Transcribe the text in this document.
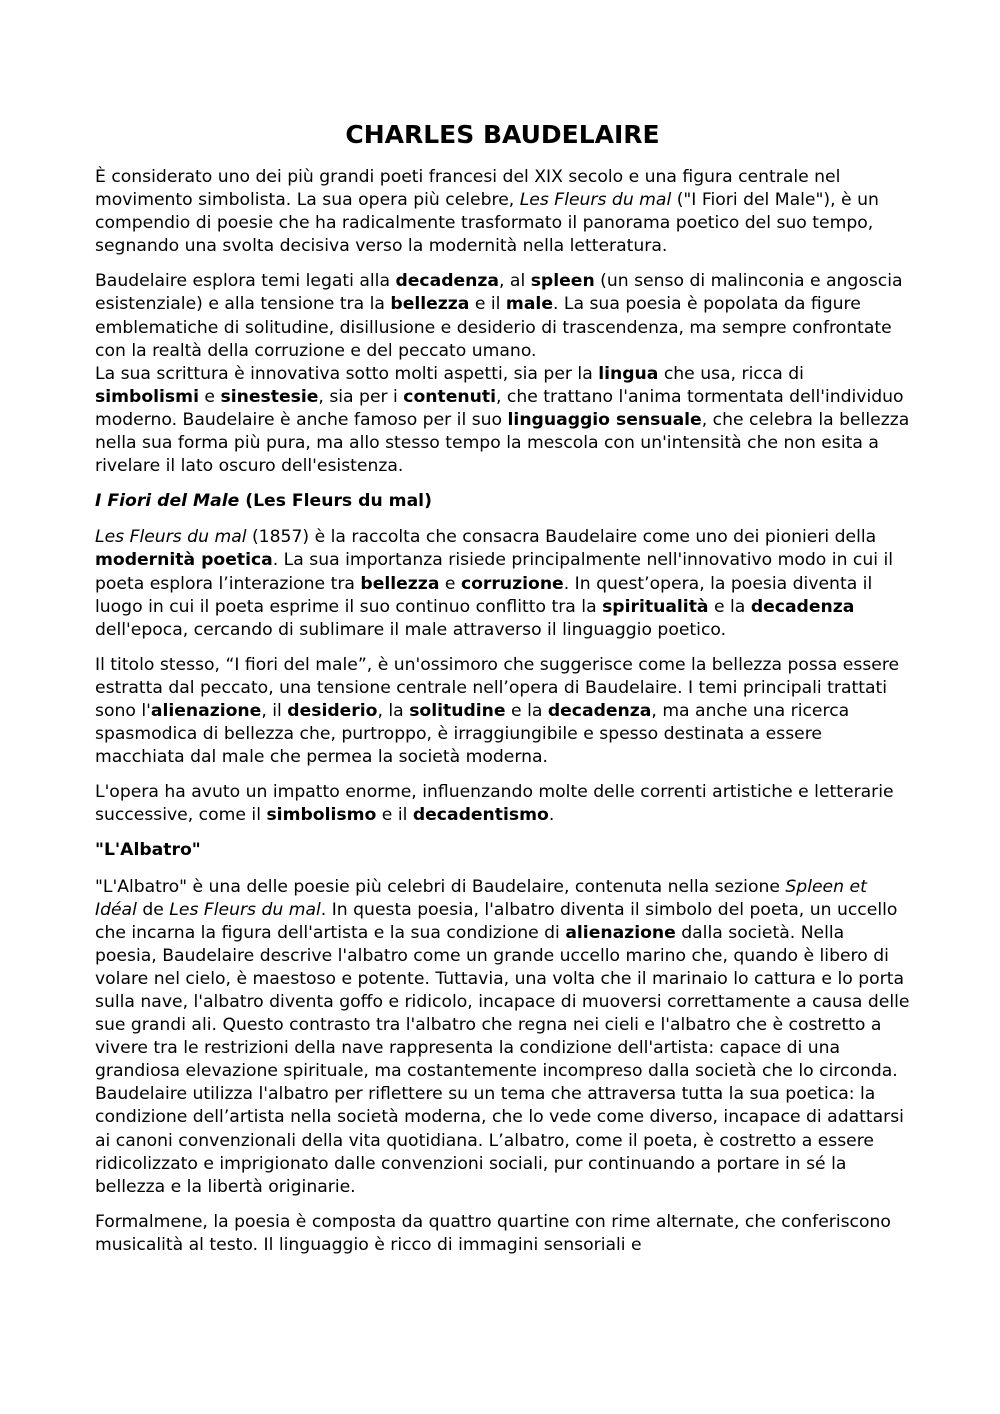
CHARLES BAUDELAIRE

È considerato uno dei più grandi poeti francesi del XIX secolo e una figura centrale nel movimento simbolista. La sua opera più celebre, Les Fleurs du mal ("I Fiori del Male"), è un compendio di poesie che ha radicalmente trasformato il panorama poetico del suo tempo, segnando una svolta decisiva verso la modernità nella letteratura.

Baudelaire esplora temi legati alla decadenza, al spleen (un senso di malinconia e angoscia esistenziale) e alla tensione tra la bellezza e il male. La sua poesia è popolata da figure emblematiche di solitudine, disillusione e desiderio di trascendenza, ma sempre confrontate con la realtà della corruzione e del peccato umano.

La sua scrittura è innovativa sotto molti aspetti, sia per la lingua che usa, ricca di simbolismi e sinestesie, sia per i contenuti, che trattano l'anima tormentata dell'individuo moderno. Baudelaire è anche famoso per il suo linguaggio sensuale, che celebra la bellezza nella sua forma più pura, ma allo stesso tempo la mescola con un'intensità che non esita a rivelare il lato oscuro dell'esistenza.

I Fiori del Male (Les Fleurs du mal)

Les Fleurs du mal (1857) è la raccolta che consacra Baudelaire come uno dei pionieri della modernità poetica. La sua importanza risiede principalmente nell'innovativo modo in cui il poeta esplora l’interazione tra bellezza e corruzione. In quest’opera, la poesia diventa il luogo in cui il poeta esprime il suo continuo conflitto tra la spiritualità e la decadenza dell'epoca, cercando di sublimare il male attraverso il linguaggio poetico.

Il titolo stesso, “I fiori del male”, è un'ossimoro che suggerisce come la bellezza possa essere estratta dal peccato, una tensione centrale nell’opera di Baudelaire. I temi principali trattati sono l'alienazione, il desiderio, la solitudine e la decadenza, ma anche una ricerca spasmodica di bellezza che, purtroppo, è irraggiungibile e spesso destinata a essere macchiata dal male che permea la società moderna.

L'opera ha avuto un impatto enorme, influenzando molte delle correnti artistiche e letterarie successive, come il simbolismo e il decadentismo.

"L'Albatro"

"L'Albatro" è una delle poesie più celebri di Baudelaire, contenuta nella sezione Spleen et Idéal de Les Fleurs du mal. In questa poesia, l'albatro diventa il simbolo del poeta, un uccello che incarna la figura dell'artista e la sua condizione di alienazione dalla società. Nella poesia, Baudelaire descrive l'albatro come un grande uccello marino che, quando è libero di volare nel cielo, è maestoso e potente. Tuttavia, una volta che il marinaio lo cattura e lo porta sulla nave, l'albatro diventa goffo e ridicolo, incapace di muoversi correttamente a causa delle sue grandi ali. Questo contrasto tra l'albatro che regna nei cieli e l'albatro che è costretto a vivere tra le restrizioni della nave rappresenta la condizione dell'artista: capace di una grandiosa elevazione spirituale, ma costantemente incompreso dalla società che lo circonda. Baudelaire utilizza l'albatro per riflettere su un tema che attraversa tutta la sua poetica: la condizione dell’artista nella società moderna, che lo vede come diverso, incapace di adattarsi ai canoni convenzionali della vita quotidiana. L’albatro, come il poeta, è costretto a essere ridicolizzato e imprigionato dalle convenzioni sociali, pur continuando a portare in sé la bellezza e la libertà originarie.

Formalmene, la poesia è composta da quattro quartine con rime alternate, che conferiscono musicalità al testo. Il linguaggio è ricco di immagini sensoriali e
